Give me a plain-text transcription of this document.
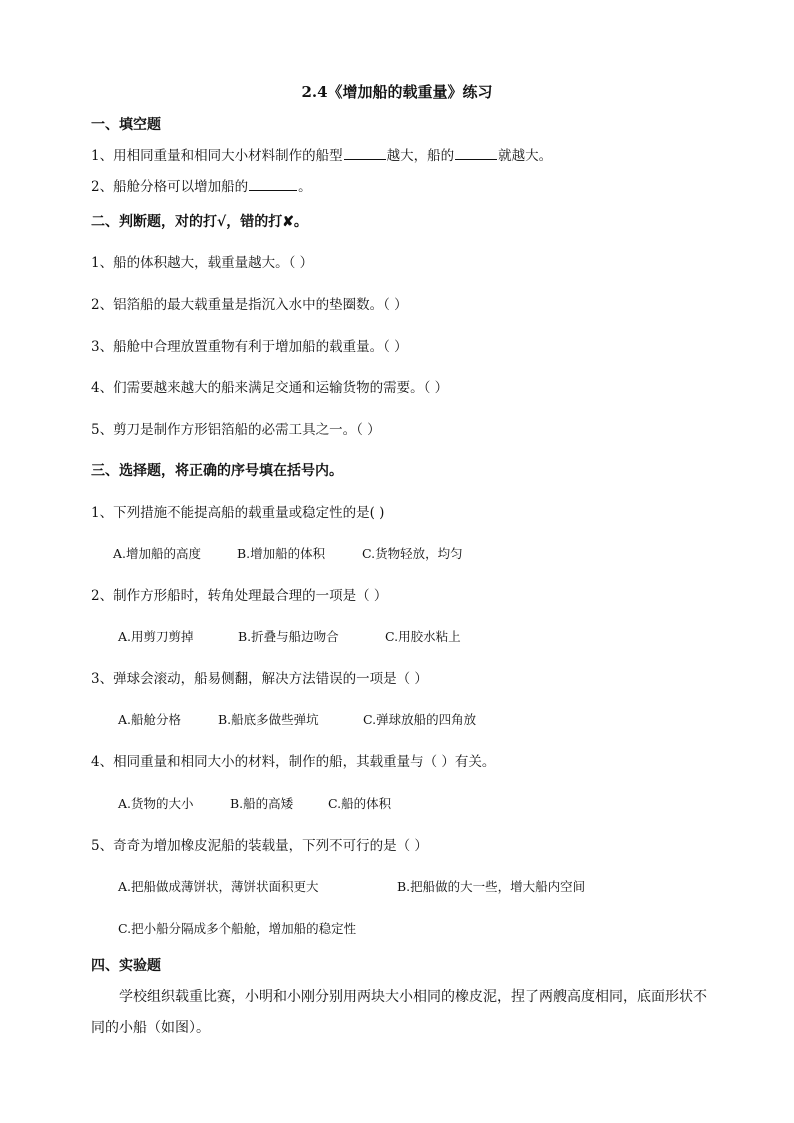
2.4《增加船的载重量》练习
一、填空题
1、用相同重量和相同大小材料制作的船型	越大，船的	就越大。
2、船舱分格可以增加船的	。
二、判断题，对的打√，错的打✘。
1、船的体积越大，载重量越大。（ ）
2、铝箔船的最大载重量是指沉入水中的垫圈数。（ ）
3、船舱中合理放置重物有利于增加船的载重量。（ ）
4、们需要越来越大的船来满足交通和运输货物的需要。（ ）
5、剪刀是制作方形铝箔船的必需工具之一。（ ）
三、选择题，将正确的序号填在括号内。
1、下列措施不能提高船的载重量或稳定性的是( )
A.增加船的高度	B.增加船的体积	C.货物轻放，均匀
2、制作方形船时，转角处理最合理的一项是（ ）
A.用剪刀剪掉	B.折叠与船边吻合	C.用胶水粘上
3、弹球会滚动，船易侧翻，解决方法错误的一项是（ ）
A.船舱分格	B.船底多做些弹坑	C.弹球放船的四角放
4、相同重量和相同大小的材料，制作的船，其载重量与（ ）有关。
A.货物的大小	B.船的高矮	C.船的体积
5、奇奇为增加橡皮泥船的装载量，下列不可行的是（ ）
A.把船做成薄饼状，薄饼状面积更大	B.把船做的大一些，增大船内空间
C.把小船分隔成多个船舱，增加船的稳定性
四、实验题
学校组织载重比赛，小明和小刚分别用两块大小相同的橡皮泥，捏了两艘高度相同，底面形状不
同的小船（如图）。
